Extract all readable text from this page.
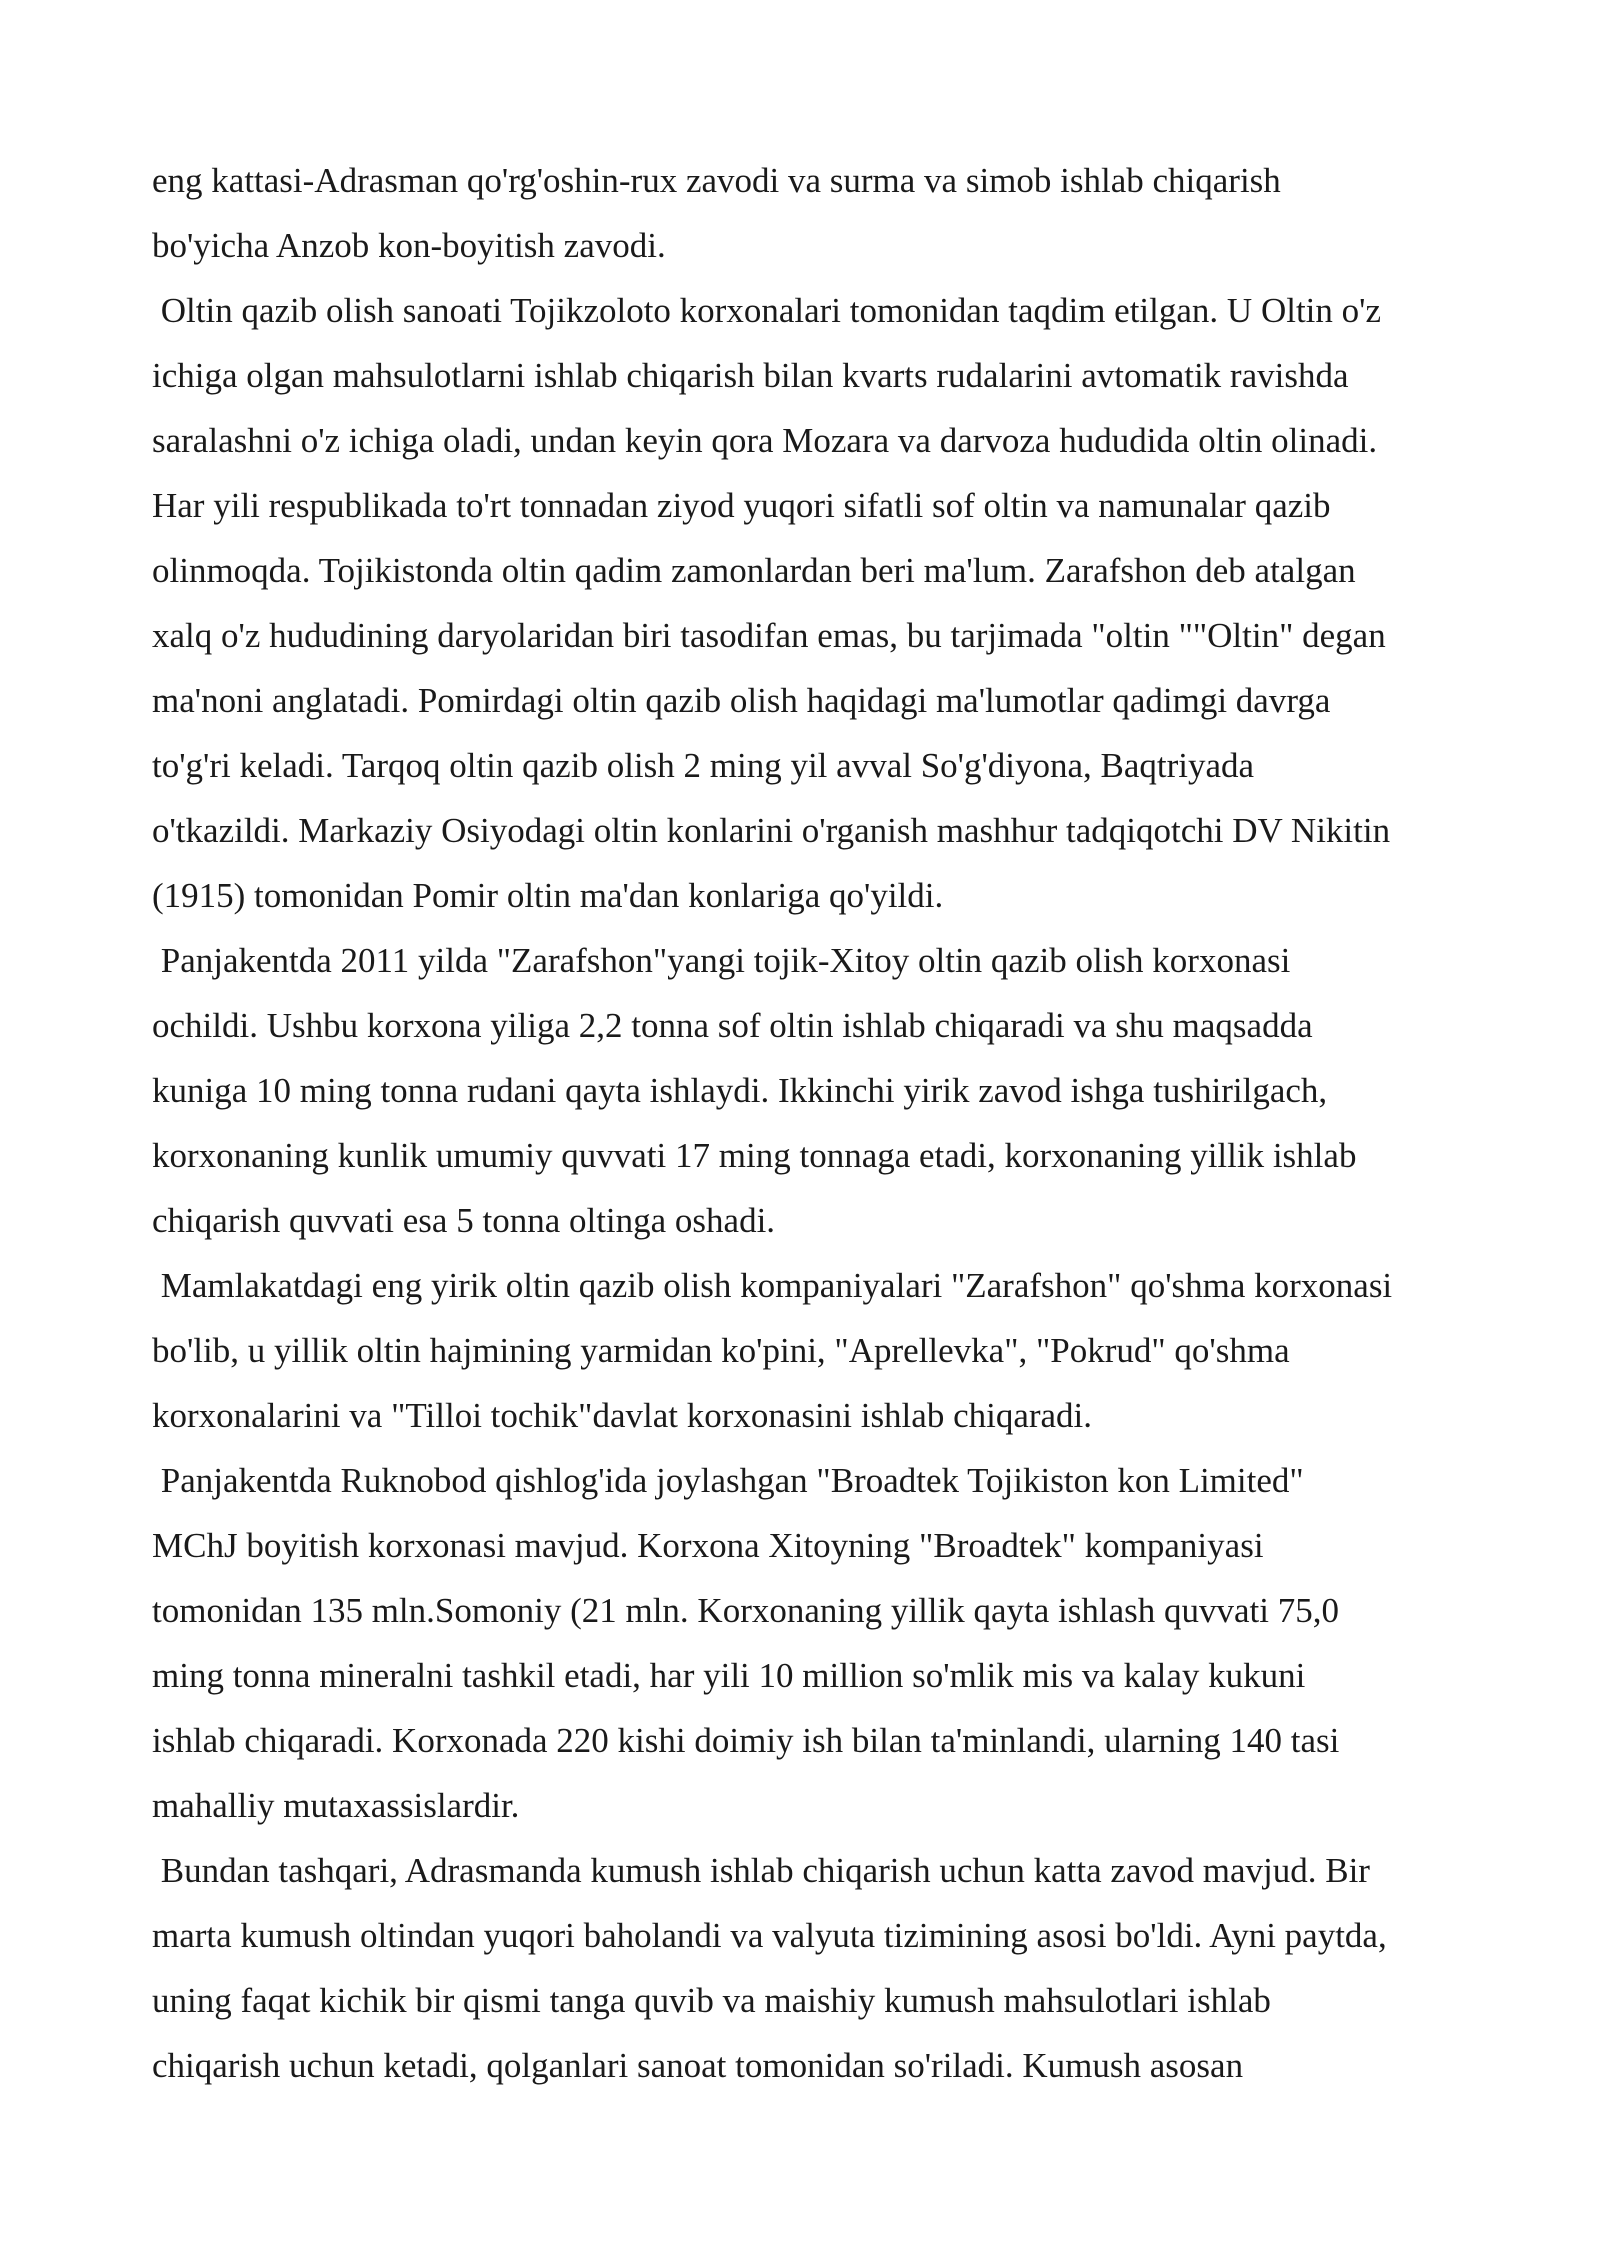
eng kattasi-Adrasman qo'rg'oshin-rux zavodi va surma va simob ishlab chiqarish
bo'yicha Anzob kon-boyitish zavodi.
Oltin qazib olish sanoati Tojikzoloto korxonalari tomonidan taqdim etilgan. U Oltin o'z
ichiga olgan mahsulotlarni ishlab chiqarish bilan kvarts rudalarini avtomatik ravishda
saralashni o'z ichiga oladi, undan keyin qora Mozara va darvoza hududida oltin olinadi.
Har yili respublikada to'rt tonnadan ziyod yuqori sifatli sof oltin va namunalar qazib
olinmoqda. Tojikistonda oltin qadim zamonlardan beri ma'lum. Zarafshon deb atalgan
xalq o'z hududining daryolaridan biri tasodifan emas, bu tarjimada "oltin ""Oltin" degan
ma'noni anglatadi. Pomirdagi oltin qazib olish haqidagi ma'lumotlar qadimgi davrga
to'g'ri keladi. Tarqoq oltin qazib olish 2 ming yil avval So'g'diyona, Baqtriyada
o'tkazildi. Markaziy Osiyodagi oltin konlarini o'rganish mashhur tadqiqotchi DV Nikitin
(1915) tomonidan Pomir oltin ma'dan konlariga qo'yildi.
Panjakentda 2011 yilda "Zarafshon"yangi tojik-Xitoy oltin qazib olish korxonasi
ochildi. Ushbu korxona yiliga 2,2 tonna sof oltin ishlab chiqaradi va shu maqsadda
kuniga 10 ming tonna rudani qayta ishlaydi. Ikkinchi yirik zavod ishga tushirilgach,
korxonaning kunlik umumiy quvvati 17 ming tonnaga etadi, korxonaning yillik ishlab
chiqarish quvvati esa 5 tonna oltinga oshadi.
Mamlakatdagi eng yirik oltin qazib olish kompaniyalari "Zarafshon" qo'shma korxonasi
bo'lib, u yillik oltin hajmining yarmidan ko'pini, "Aprellevka", "Pokrud" qo'shma
korxonalarini va "Tilloi tochik"davlat korxonasini ishlab chiqaradi.
Panjakentda Ruknobod qishlog'ida joylashgan "Broadtek Tojikiston kon Limited"
MChJ boyitish korxonasi mavjud. Korxona Xitoyning "Broadtek" kompaniyasi
tomonidan 135 mln.Somoniy (21 mln. Korxonaning yillik qayta ishlash quvvati 75,0
ming tonna mineralni tashkil etadi, har yili 10 million so'mlik mis va kalay kukuni
ishlab chiqaradi. Korxonada 220 kishi doimiy ish bilan ta'minlandi, ularning 140 tasi
mahalliy mutaxassislardir.
Bundan tashqari, Adrasmanda kumush ishlab chiqarish uchun katta zavod mavjud. Bir
marta kumush oltindan yuqori baholandi va valyuta tizimining asosi bo'ldi. Ayni paytda,
uning faqat kichik bir qismi tanga quvib va maishiy kumush mahsulotlari ishlab
chiqarish uchun ketadi, qolganlari sanoat tomonidan so'riladi. Kumush asosan
